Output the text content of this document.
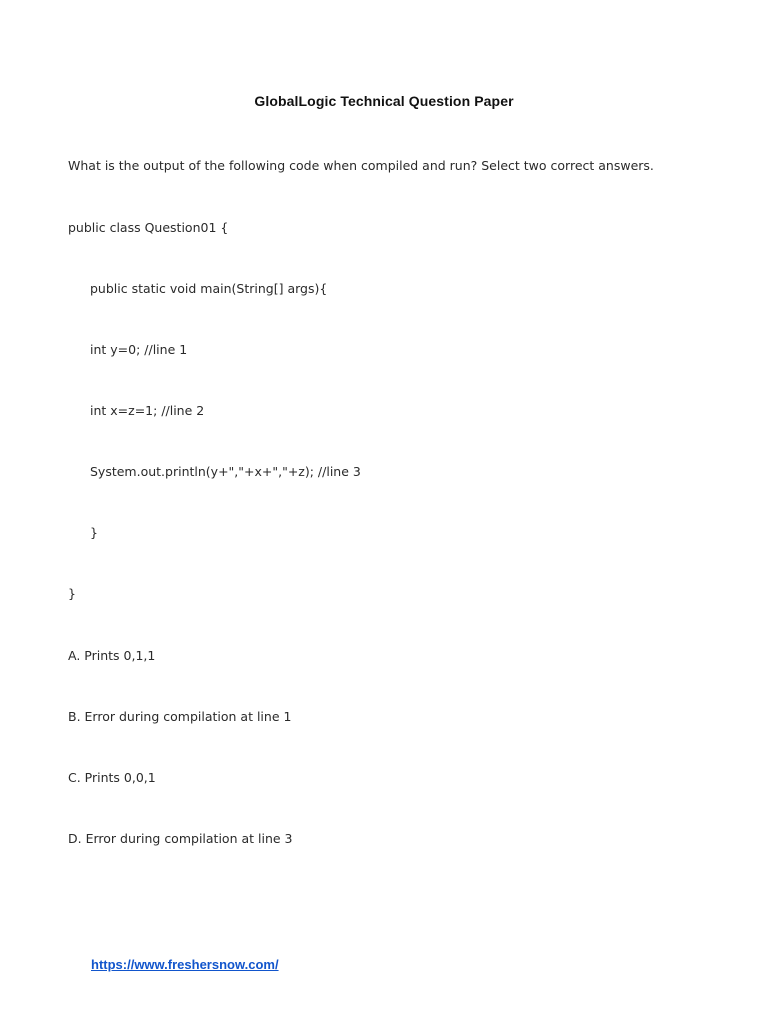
GlobalLogic Technical Question Paper
What is the output of the following code when compiled and run? Select two correct answers.
public class Question01 {
public static void main(String[] args){
int y=0; //line 1
int x=z=1; //line 2
System.out.println(y+","+x+","+z); //line 3
}
}
A. Prints 0,1,1
B. Error during compilation at line 1
C. Prints 0,0,1
D. Error during compilation at line 3
https://www.freshersnow.com/
